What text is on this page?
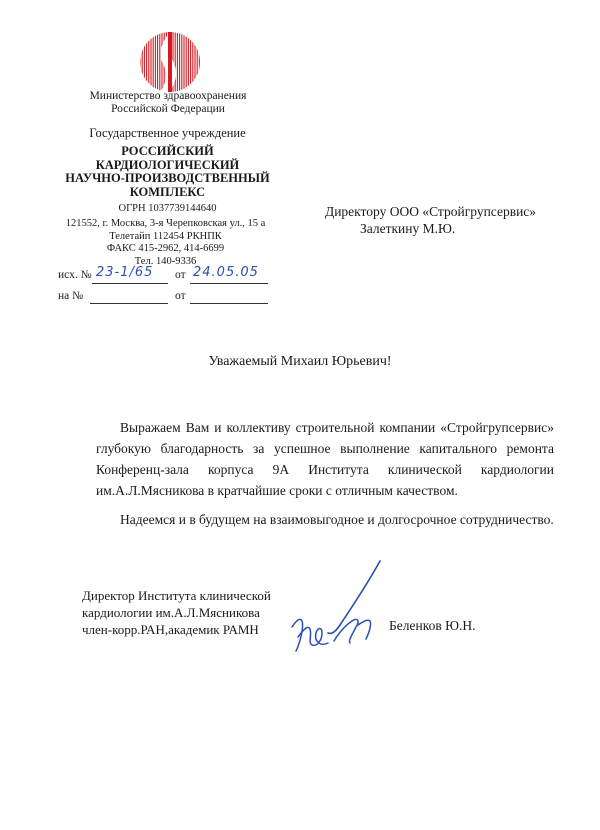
Министерство здравоохранения
Российской Федерации
Государственное учреждение
РОССИЙСКИЙ
КАРДИОЛОГИЧЕСКИЙ
НАУЧНО-ПРОИЗВОДСТВЕННЫЙ
КОМПЛЕКС
ОГРН 1037739144640
121552, г. Москва, 3-я Черепковская ул., 15 а
Телетайп 112454 РКНПК
ФАКС 415-2962, 414-6699
Тел. 140-9336
исх. № 23-1/65 от 24.05.05
на №	от
Директору ООО «Стройгрупсервис»
Залеткину М.Ю.
Уважаемый Михаил Юрьевич!

Выражаем Вам и коллективу строительной компании «Стройгрупсервис» глубокую благодарность за успешное выполнение капитального ремонта Конференц-зала корпуса 9А Института клинической кардиологии им.А.Л.Мясникова в кратчайшие сроки с отличным качеством.

Надеемся и в будущем на взаимовыгодное и долгосрочное сотрудничество.

Директор Института клинической
кардиологии им.А.Л.Мясникова
член-корр.РАН,академик РАМН	Беленков Ю.Н.
